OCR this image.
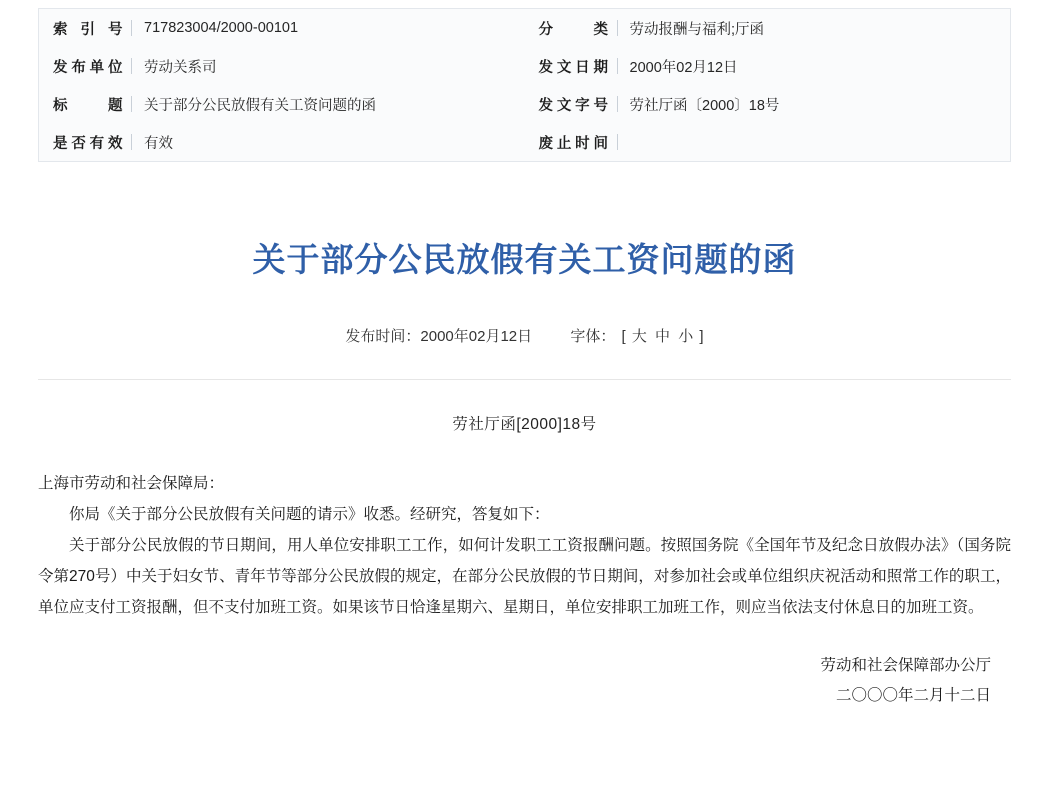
索引号 717823004/2000-00101	分类 劳动报酬与福利;厅函

发布单位 劳动关系司	发文日期 2000年02月12日

标题 关于部分公民放假有关工资问题的函	发文字号 劳社厅函〔2000〕18号

是否有效 有效	废止时间
关于部分公民放假有关工资问题的函
发布时间：2000年02月12日	字体： [ 大 中 小 ]
劳社厅函[2000]18号

上海市劳动和社会保障局：

你局《关于部分公民放假有关问题的请示》收悉。经研究，答复如下：

关于部分公民放假的节日期间，用人单位安排职工工作，如何计发职工工资报酬问题。按照国务院《全国年节及纪念日放假办法》（国务院令第270号）中关于妇女节、青年节等部分公民放假的规定，在部分公民放假的节日期间，对参加社会或单位组织庆祝活动和照常工作的职工，单位应支付工资报酬，但不支付加班工资。如果该节日恰逢星期六、星期日，单位安排职工加班工作，则应当依法支付休息日的加班工资。

劳动和社会保障部办公厅
二〇〇〇年二月十二日
